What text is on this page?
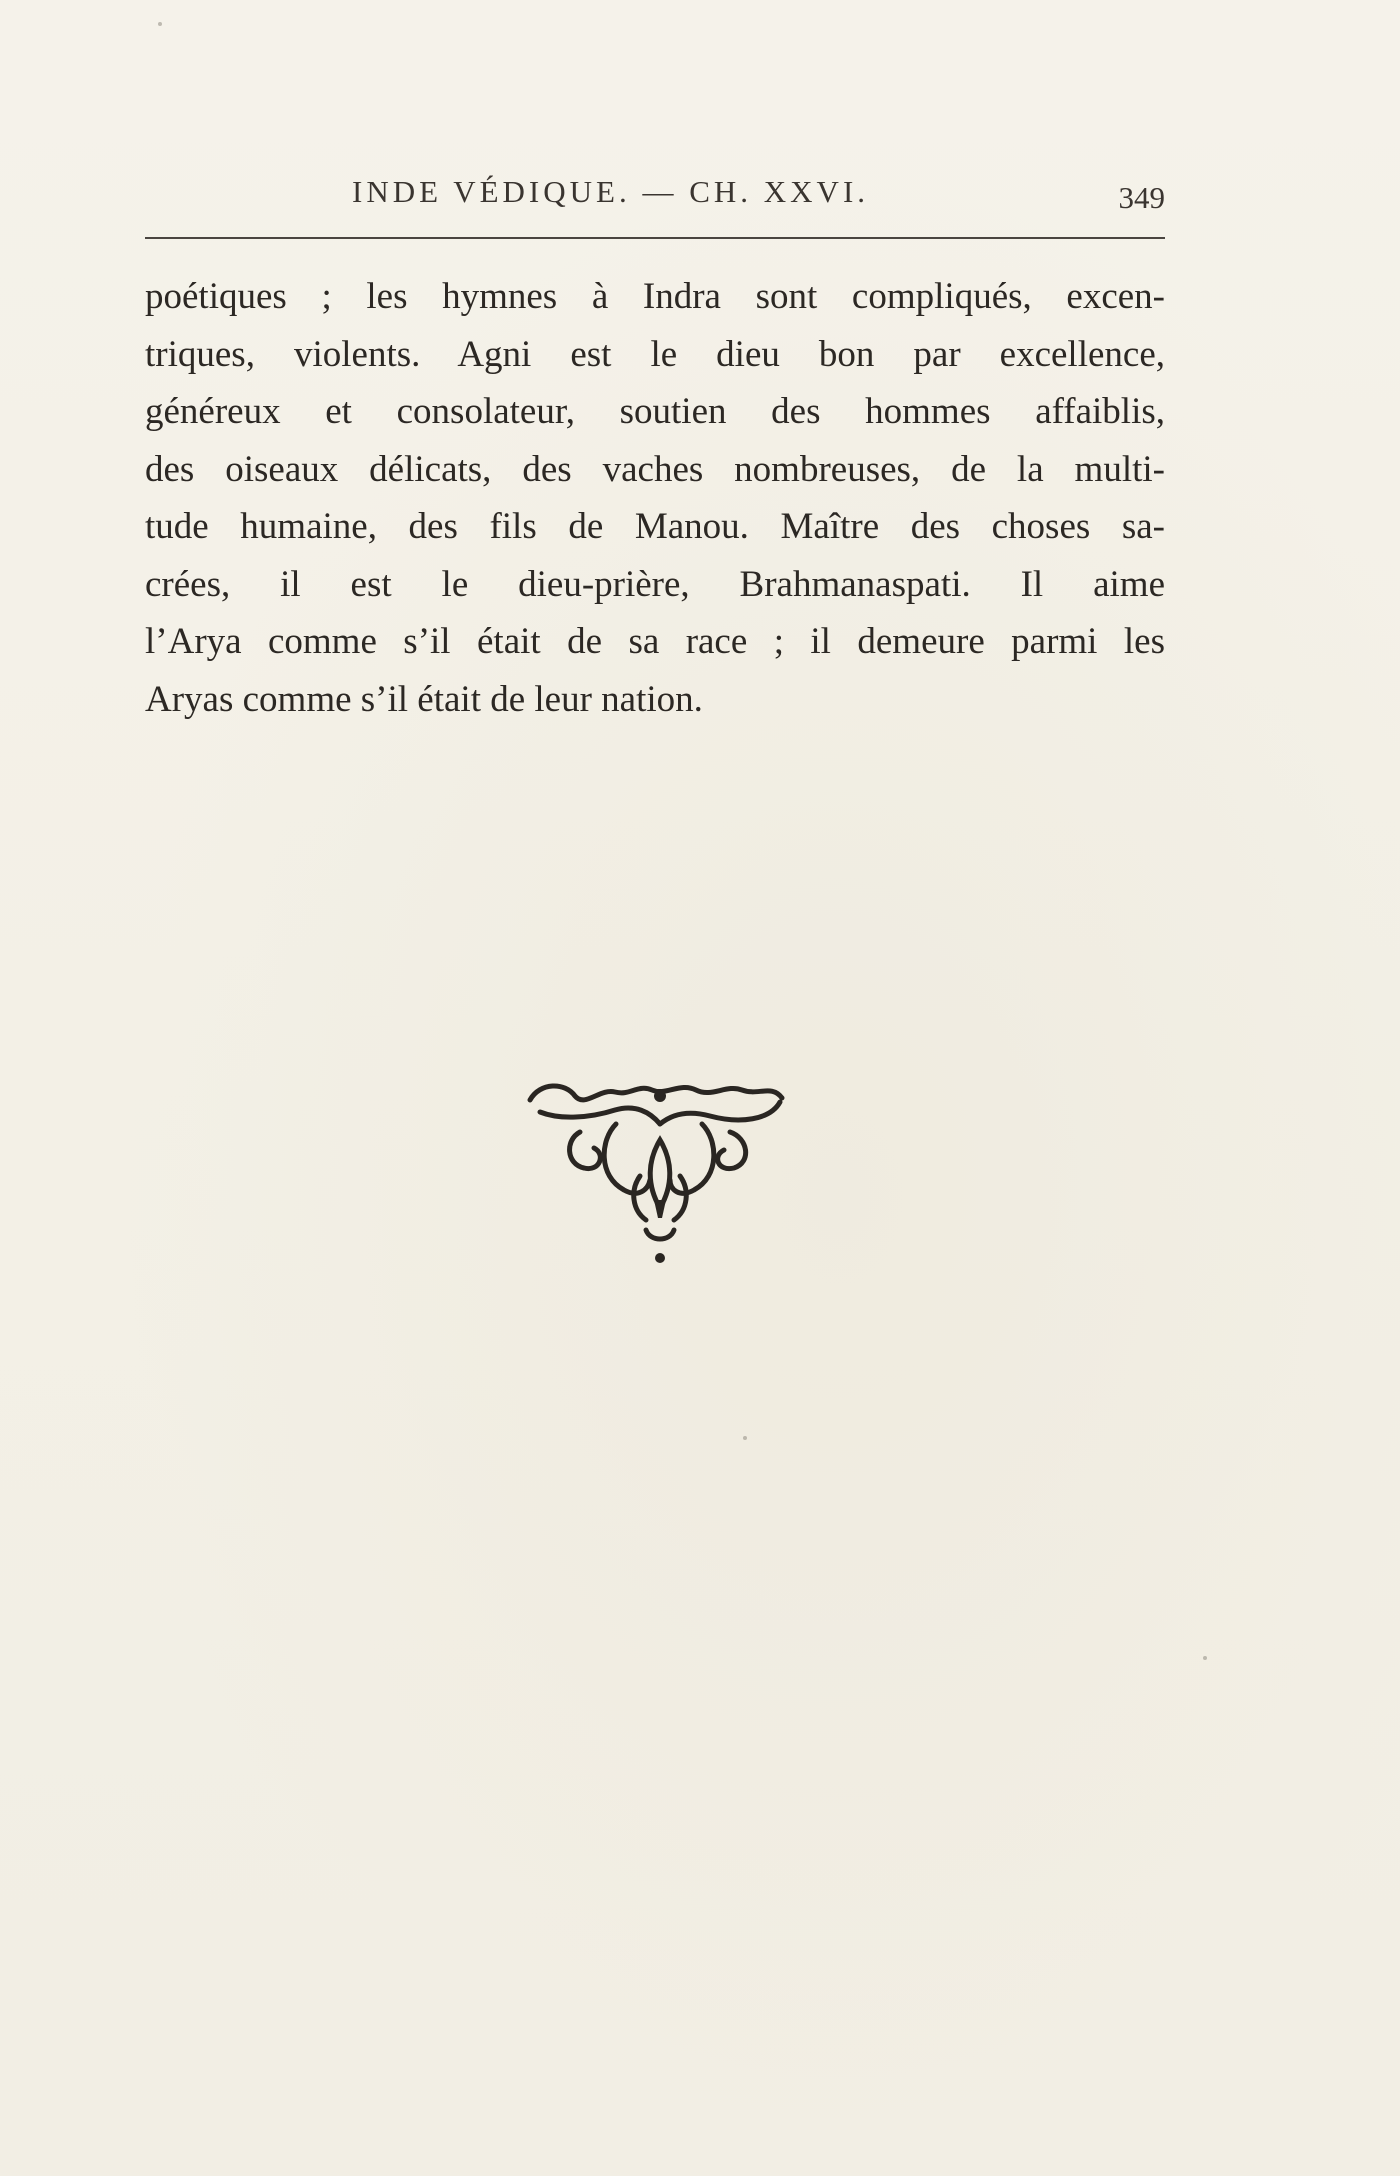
INDE VÉDIQUE. — CH. XXVI.	349
poétiques ; les hymnes à Indra sont compliqués, excen-
triques, violents. Agni est le dieu bon par excellence,
généreux et consolateur, soutien des hommes affaiblis,
des oiseaux délicats, des vaches nombreuses, de la multi-
tude humaine, des fils de Manou. Maître des choses sa-
crées, il est le dieu-prière, Brahmanaspati. Il aime
l’Arya comme s’il était de sa race ; il demeure parmi les
Aryas comme s’il était de leur nation.
